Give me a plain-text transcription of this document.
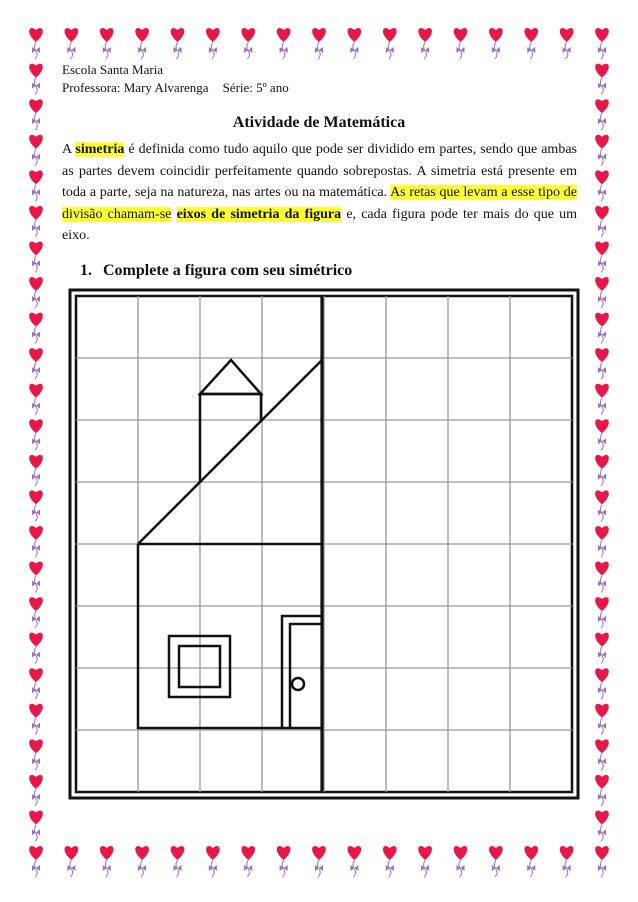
Escola Santa Maria
Professora: Mary Alvarenga Série: 5º ano
Atividade de Matemática

A simetria é definida como tudo aquilo que pode ser dividido em partes, sendo que ambas as partes devem coincidir perfeitamente quando sobrepostas. A simetria está presente em toda a parte, seja na natureza, nas artes ou na matemática. As retas que levam a esse tipo de divisão chamam-se eixos de simetria da figura e, cada figura pode ter mais do que um eixo.

1. Complete a figura com seu simétrico
